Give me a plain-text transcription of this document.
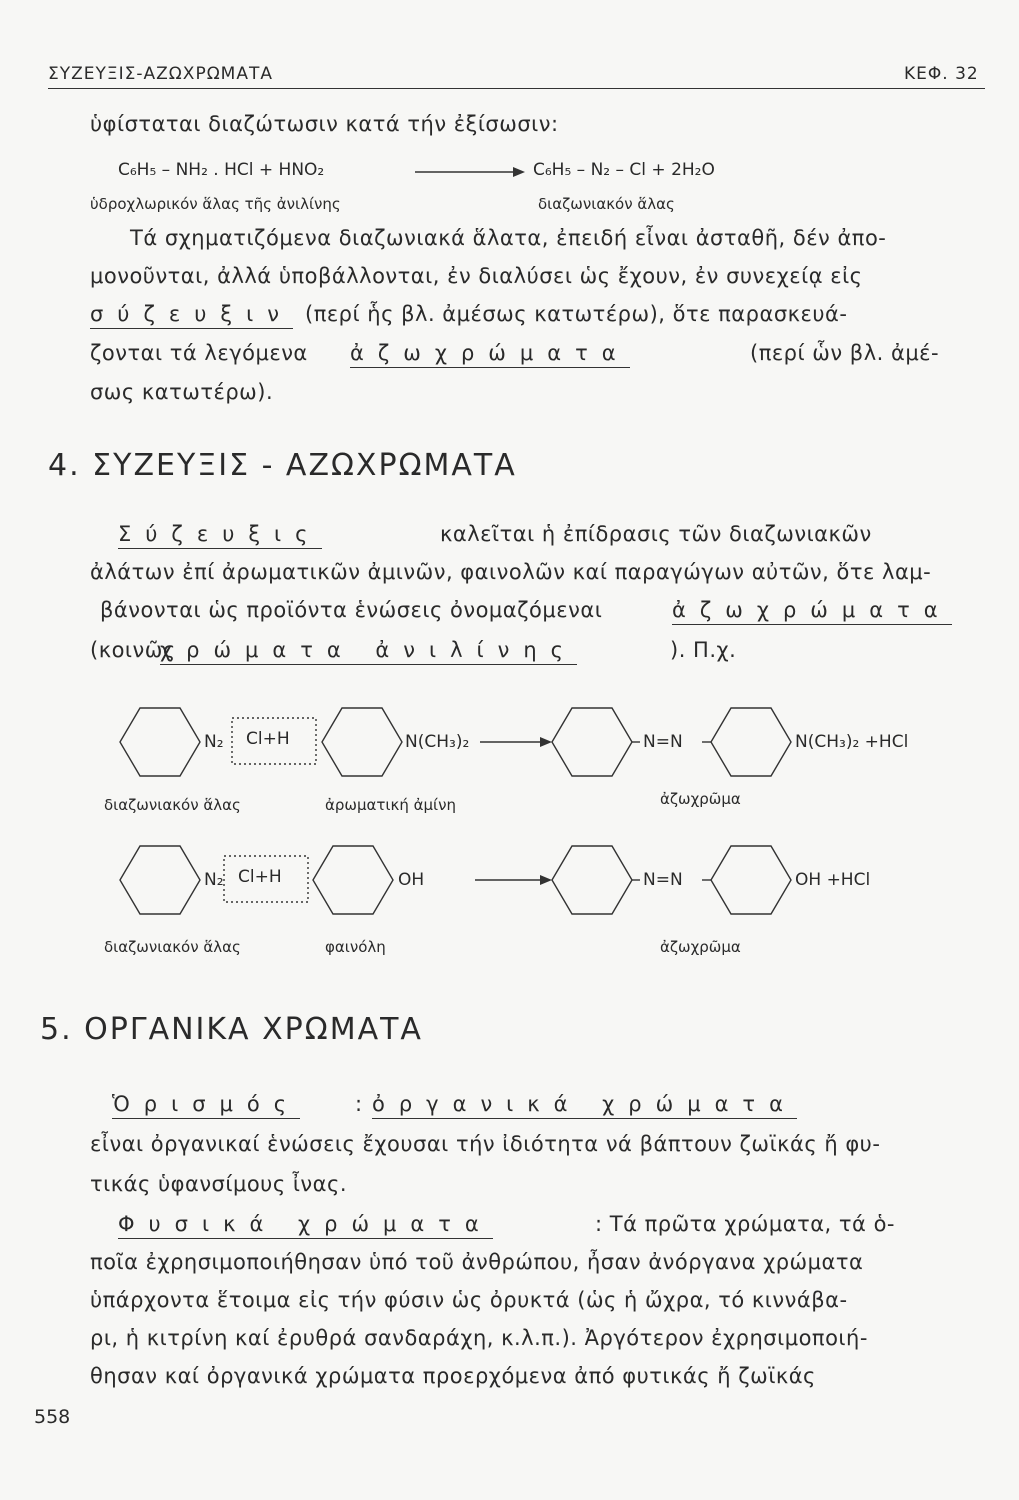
ΣΥΖΕΥΞΙΣ-ΑΖΩΧΡΩΜΑΤΑ	ΚΕΦ. 32
ὑφίσταται διαζώτωσιν κατά τήν ἐξίσωσιν:
C₆H₅ – NH₂ . HCl + HNO₂	C₆H₅ – N₂ – Cl + 2H₂O
ὑδροχλωρικόν ἅλας τῆς ἀνιλίνης	διαζωνιακόν ἅλας
Τά σχηματιζόμενα διαζωνιακά ἅλατα, ἐπειδή εἶναι ἀσταθῆ, δέν ἀπο-
μονοῦνται, ἀλλά ὑποβάλλονται, ἐν διαλύσει ὡς ἔχουν, ἐν συνεχείᾳ εἰς
σύζευξιν (περί ἧς βλ. ἀμέσως κατωτέρω), ὅτε παρασκευά-
ζονται τά λεγόμενα ἀζωχρώματα	(περί ὧν βλ. ἀμέ-
σως κατωτέρω).
4. ΣΥΖΕΥΞΙΣ - ΑΖΩΧΡΩΜΑΤΑ
Σύζευξις	καλεῖται ἡ ἐπίδρασις τῶν διαζωνιακῶν
ἀλάτων ἐπί ἀρωματικῶν ἀμινῶν, φαινολῶν καί παραγώγων αὐτῶν, ὅτε λαμ-
βάνονται ὡς προϊόντα ἑνώσεις ὀνομαζόμεναι	ἀζωχρώματα
(κοινῶς
χρώματα ἀνιλίνης	). Π.χ.
N₂ Cl+H	N(CH₃)₂	N=N	N(CH₃)₂ +HCl
διαζωνιακόν ἅλας	ἀρωματική ἀμίνη	ἀζωχρῶμα
N₂ Cl+H	OH	N=N	OH +HCl
διαζωνιακόν ἅλας	φαινόλη	ἀζωχρῶμα
5. ΟΡΓΑΝΙΚΑ ΧΡΩΜΑΤΑ
Ὁρισμός	: ὀργανικά χρώματα
εἶναι ὀργανικαί ἑνώσεις ἔχουσαι τήν ἰδιότητα νά βάπτουν ζωϊκάς ἤ φυ-
τικάς ὑφανσίμους ἶνας.
Φυσικά χρώματα	: Τά πρῶτα χρώματα, τά ὁ-
ποῖα ἐχρησιμοποιήθησαν ὑπό τοῦ ἀνθρώπου, ἦσαν ἀνόργανα χρώματα
ὑπάρχοντα ἕτοιμα εἰς τήν φύσιν ὡς ὀρυκτά (ὡς ἡ ὤχρα, τό κιννάβα-
ρι, ἡ κιτρίνη καί ἐρυθρά σανδαράχη, κ.λ.π.). Ἀργότερον ἐχρησιμοποιή-
θησαν καί ὀργανικά χρώματα προερχόμενα ἀπό φυτικάς ἤ ζωϊκάς
558
